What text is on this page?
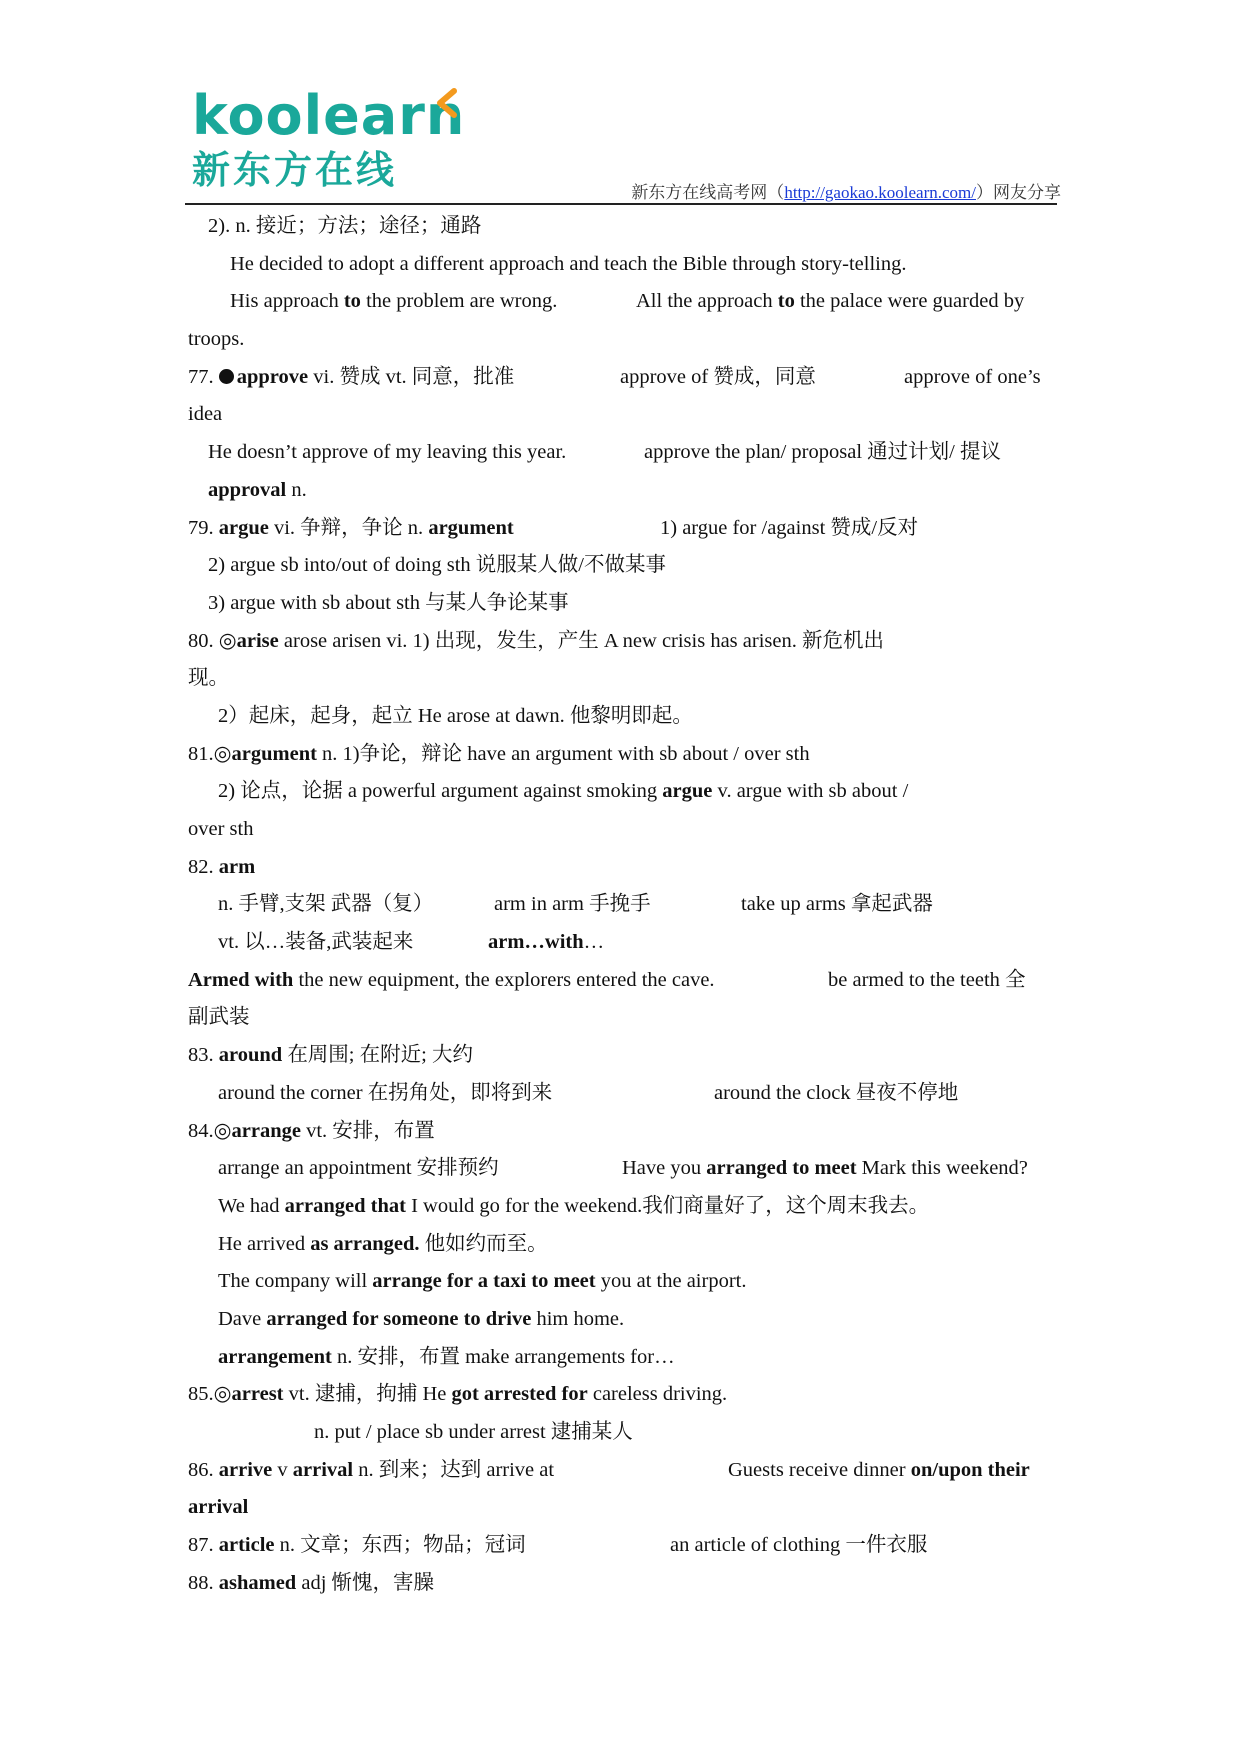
koolearn
新东方在线
新东方在线高考网（http://gaokao.koolearn.com/）网友分享
2). n. 接近；方法；途径；通路
He decided to adopt a different approach and teach the Bible through story-telling.
His approach to the problem are wrong.	All the approach to the palace were guarded by
troops.
77. approve vi. 赞成 vt. 同意，批准	approve of 赞成，同意	approve of one’s
idea
He doesn’t approve of my leaving this year.	approve the plan/ proposal 通过计划/ 提议
approval n.
79. argue vi. 争辩，争论 n. argument	1) argue for /against 赞成/反对
2) argue sb into/out of doing sth 说服某人做/不做某事
3) argue with sb about sth 与某人争论某事
80. ◎arise arose arisen vi. 1) 出现，发生，产生 A new crisis has arisen. 新危机出
现。
2）起床，起身，起立 He arose at dawn. 他黎明即起。
81.◎argument n. 1)争论，辩论 have an argument with sb about / over sth
2) 论点，论据 a powerful argument against smoking argue v. argue with sb about /
over sth
82. arm
n. 手臂,支架 武器（复）	arm in arm 手挽手	take up arms 拿起武器
vt. 以…装备,武装起来	arm…with…
Armed with the new equipment, the explorers entered the cave.	be armed to the teeth 全
副武装
83. around 在周围; 在附近; 大约
around the corner 在拐角处，即将到来	around the clock 昼夜不停地
84.◎arrange vt. 安排，布置
arrange an appointment 安排预约	Have you arranged to meet Mark this weekend?
We had arranged that I would go for the weekend.我们商量好了，这个周末我去。
He arrived as arranged. 他如约而至。
The company will arrange for a taxi to meet you at the airport.
Dave arranged for someone to drive him home.
arrangement n. 安排，布置 make arrangements for…
85.◎arrest vt. 逮捕，拘捕 He got arrested for careless driving.
n. put / place sb under arrest 逮捕某人
86. arrive v arrival n. 到来；达到 arrive at	Guests receive dinner on/upon their
arrival
87. article n. 文章；东西；物品；冠词	an article of clothing 一件衣服
88. ashamed adj 惭愧，害臊
